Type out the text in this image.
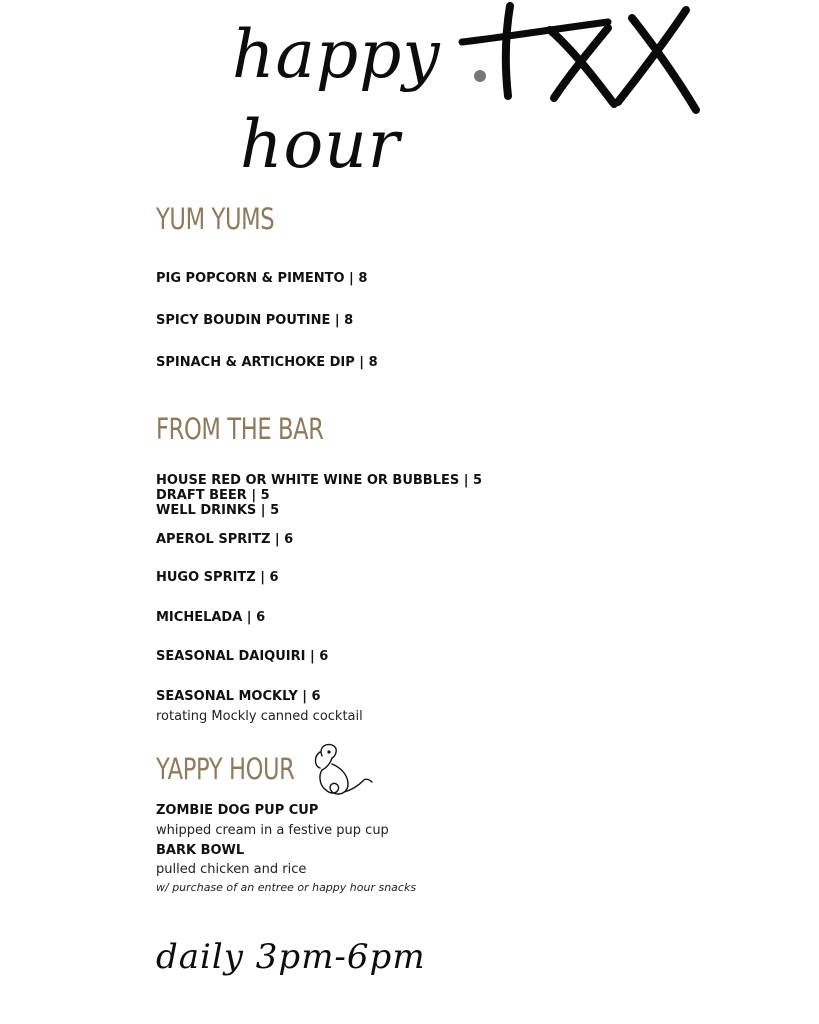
happy
hour
YUM YUMS

PIG POPCORN & PIMENTO | 8

SPICY BOUDIN POUTINE | 8

SPINACH & ARTICHOKE DIP | 8

FROM THE BAR

HOUSE RED OR WHITE WINE OR BUBBLES | 5

DRAFT BEER | 5

WELL DRINKS | 5

APEROL SPRITZ | 6

HUGO SPRITZ | 6

MICHELADA | 6

SEASONAL DAIQUIRI | 6

SEASONAL MOCKLY | 6

rotating Mockly canned cocktail

YAPPY HOUR

ZOMBIE DOG PUP CUP

whipped cream in a festive pup cup

BARK BOWL

pulled chicken and rice

w/ purchase of an entree or happy hour snacks

daily 3pm-6pm
